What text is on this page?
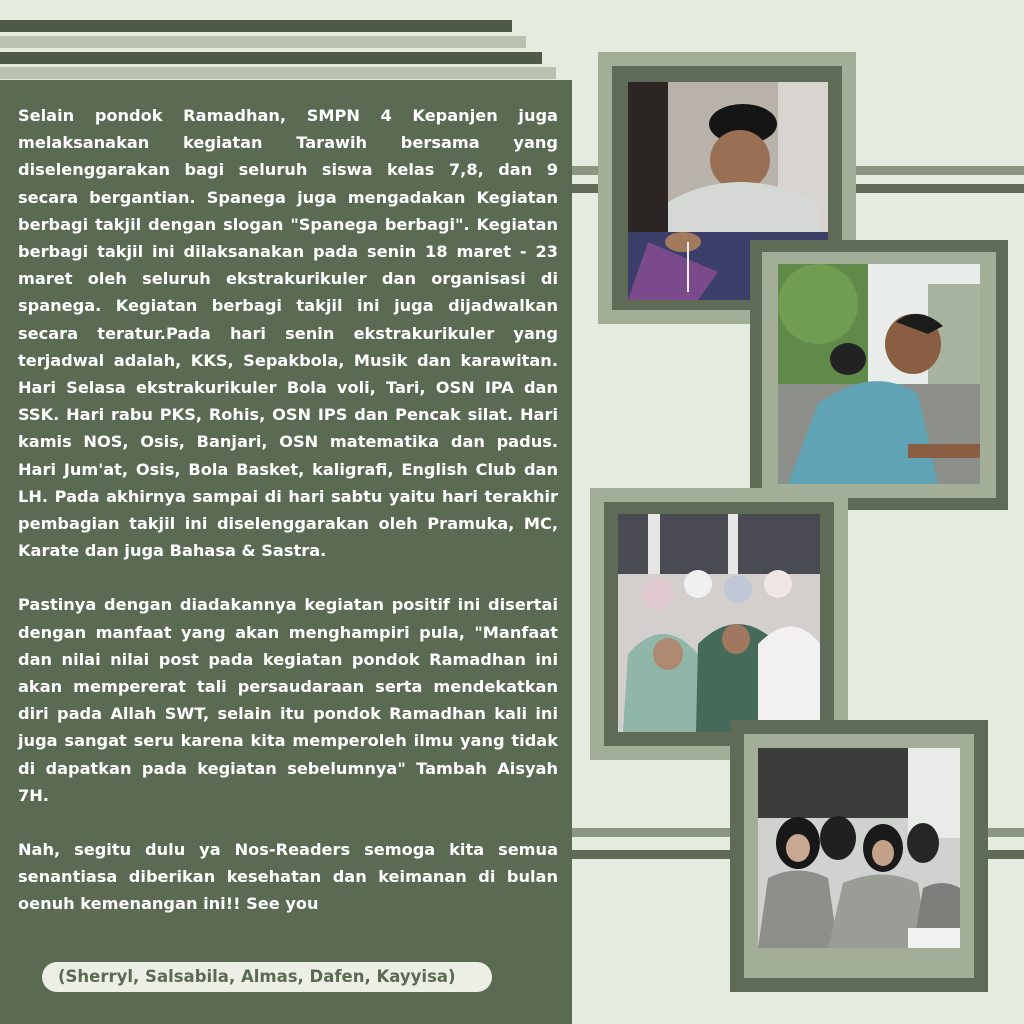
Selain pondok Ramadhan, SMPN 4 Kepanjen juga melaksanakan kegiatan Tarawih bersama yang diselenggarakan bagi seluruh siswa kelas 7,8, dan 9 secara bergantian. Spanega juga mengadakan Kegiatan berbagi takjil dengan slogan "Spanega berbagi". Kegiatan berbagi takjil ini dilaksanakan pada senin 18 maret - 23 maret oleh seluruh ekstrakurikuler dan organisasi di spanega. Kegiatan berbagi takjil ini juga dijadwalkan secara teratur.Pada hari senin ekstrakurikuler yang terjadwal adalah, KKS, Sepakbola, Musik dan karawitan. Hari Selasa ekstrakurikuler Bola voli, Tari, OSN IPA dan SSK. Hari rabu PKS, Rohis, OSN IPS dan Pencak silat. Hari kamis NOS, Osis, Banjari, OSN matematika dan padus. Hari Jum'at, Osis, Bola Basket, kaligrafi, English Club dan LH. Pada akhirnya sampai di hari sabtu yaitu hari terakhir pembagian takjil ini diselenggarakan oleh Pramuka, MC, Karate dan juga Bahasa & Sastra.

Pastinya dengan diadakannya kegiatan positif ini disertai dengan manfaat yang akan menghampiri pula, "Manfaat dan nilai nilai post pada kegiatan pondok Ramadhan ini akan mempererat tali persaudaraan serta mendekatkan diri pada Allah SWT, selain itu pondok Ramadhan kali ini juga sangat seru karena kita memperoleh ilmu yang tidak di dapatkan pada kegiatan sebelumnya" Tambah Aisyah 7H.

Nah, segitu dulu ya Nos-Readers semoga kita semua senantiasa diberikan kesehatan dan keimanan di bulan oenuh kemenangan ini!! See you

(Sherryl, Salsabila, Almas, Dafen, Kayyisa)
